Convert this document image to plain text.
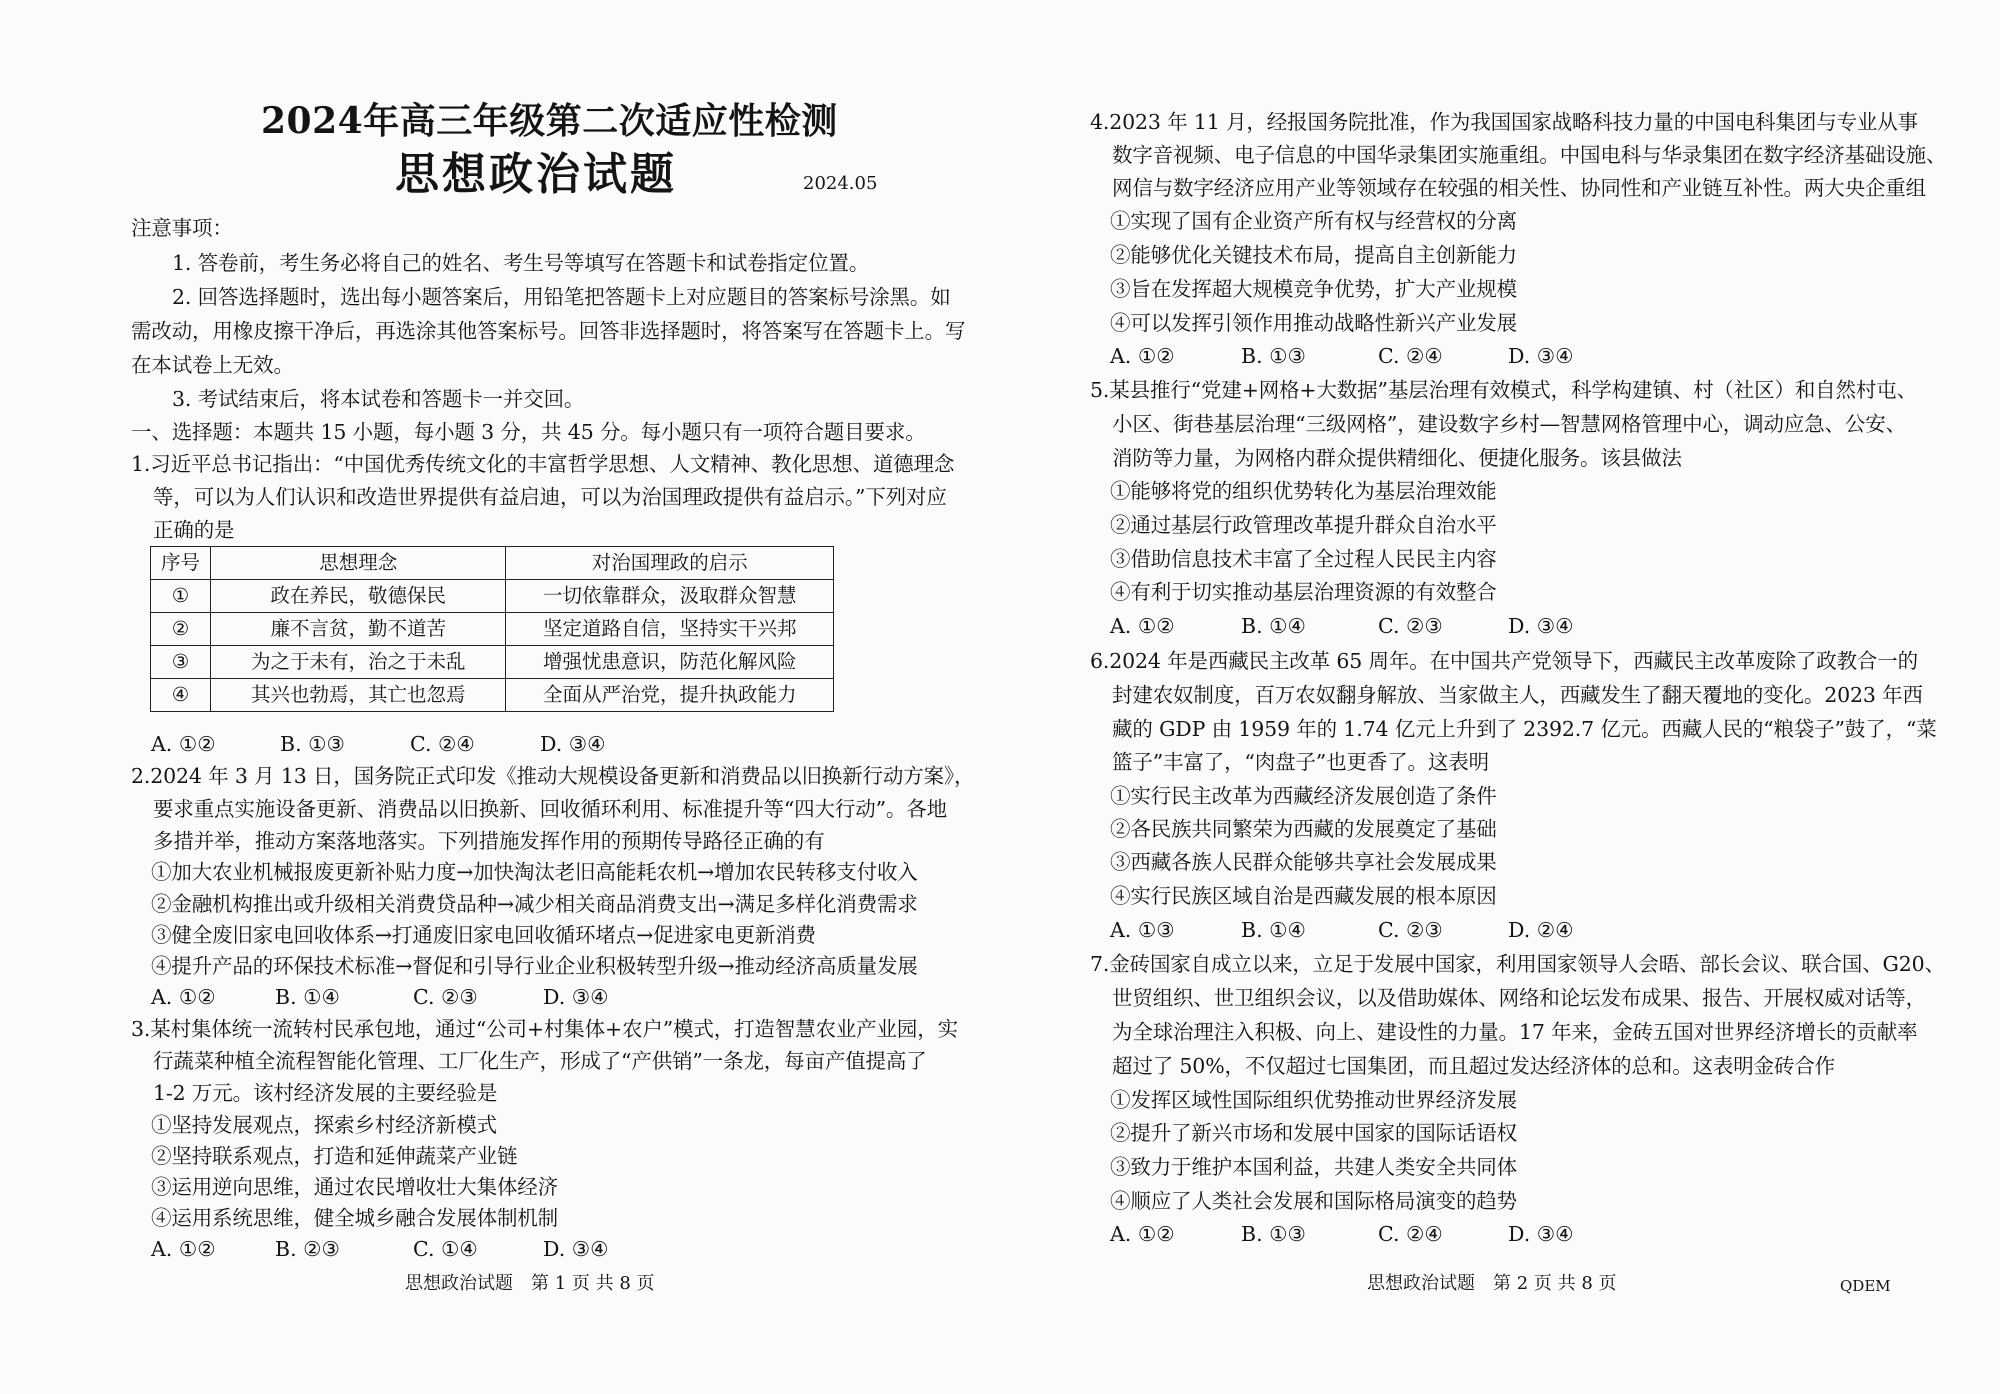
2024年高三年级第二次适应性检测
思想政治试题	2024.05
注意事项：
1. 答卷前，考生务必将自己的姓名、考生号等填写在答题卡和试卷指定位置。
2. 回答选择题时，选出每小题答案后，用铅笔把答题卡上对应题目的答案标号涂黑。如
需改动，用橡皮擦干净后，再选涂其他答案标号。回答非选择题时，将答案写在答题卡上。写
在本试卷上无效。
3. 考试结束后，将本试卷和答题卡一并交回。
一、选择题：本题共 15 小题，每小题 3 分，共 45 分。每小题只有一项符合题目要求。
1.习近平总书记指出：“中国优秀传统文化的丰富哲学思想、人文精神、教化思想、道德理念
等，可以为人们认识和改造世界提供有益启迪，可以为治国理政提供有益启示。”下列对应
正确的是
序号	思想理念	对治国理政的启示
①	政在养民，敬德保民	一切依靠群众，汲取群众智慧
②	廉不言贫，勤不道苦	坚定道路自信，坚持实干兴邦
③	为之于未有，治之于未乱	增强忧患意识，防范化解风险
④	其兴也勃焉，其亡也忽焉	全面从严治党，提升执政能力
A. ①②	B. ①③	C. ②④	D. ③④
2.2024 年 3 月 13 日，国务院正式印发《推动大规模设备更新和消费品以旧换新行动方案》，
要求重点实施设备更新、消费品以旧换新、回收循环利用、标准提升等“四大行动”。各地
多措并举，推动方案落地落实。下列措施发挥作用的预期传导路径正确的有
①加大农业机械报废更新补贴力度→加快淘汰老旧高能耗农机→增加农民转移支付收入
②金融机构推出或升级相关消费贷品种→减少相关商品消费支出→满足多样化消费需求
③健全废旧家电回收体系→打通废旧家电回收循环堵点→促进家电更新消费
④提升产品的环保技术标准→督促和引导行业企业积极转型升级→推动经济高质量发展
A. ①②	B. ①④	C. ②③	D. ③④
3.某村集体统一流转村民承包地，通过“公司+村集体+农户”模式，打造智慧农业产业园，实
行蔬菜种植全流程智能化管理、工厂化生产，形成了“产供销”一条龙，每亩产值提高了
1-2 万元。该村经济发展的主要经验是
①坚持发展观点，探索乡村经济新模式
②坚持联系观点，打造和延伸蔬菜产业链
③运用逆向思维，通过农民增收壮大集体经济
④运用系统思维，健全城乡融合发展体制机制
A. ①②	B. ②③	C. ①④	D. ③④
思想政治试题　第 1 页 共 8 页
4.2023 年 11 月，经报国务院批准，作为我国国家战略科技力量的中国电科集团与专业从事
数字音视频、电子信息的中国华录集团实施重组。中国电科与华录集团在数字经济基础设施、
网信与数字经济应用产业等领域存在较强的相关性、协同性和产业链互补性。两大央企重组
①实现了国有企业资产所有权与经营权的分离
②能够优化关键技术布局，提高自主创新能力
③旨在发挥超大规模竞争优势，扩大产业规模
④可以发挥引领作用推动战略性新兴产业发展
A. ①②	B. ①③	C. ②④	D. ③④
5.某县推行“党建+网格+大数据”基层治理有效模式，科学构建镇、村（社区）和自然村屯、
小区、街巷基层治理“三级网格”，建设数字乡村—智慧网格管理中心，调动应急、公安、
消防等力量，为网格内群众提供精细化、便捷化服务。该县做法
①能够将党的组织优势转化为基层治理效能
②通过基层行政管理改革提升群众自治水平
③借助信息技术丰富了全过程人民民主内容
④有利于切实推动基层治理资源的有效整合
A. ①②	B. ①④	C. ②③	D. ③④
6.2024 年是西藏民主改革 65 周年。在中国共产党领导下，西藏民主改革废除了政教合一的
封建农奴制度，百万农奴翻身解放、当家做主人，西藏发生了翻天覆地的变化。2023 年西
藏的 GDP 由 1959 年的 1.74 亿元上升到了 2392.7 亿元。西藏人民的“粮袋子”鼓了，“菜
篮子”丰富了，“肉盘子”也更香了。这表明
①实行民主改革为西藏经济发展创造了条件
②各民族共同繁荣为西藏的发展奠定了基础
③西藏各族人民群众能够共享社会发展成果
④实行民族区域自治是西藏发展的根本原因
A. ①③	B. ①④	C. ②③	D. ②④
7.金砖国家自成立以来，立足于发展中国家，利用国家领导人会晤、部长会议、联合国、G20、
世贸组织、世卫组织会议，以及借助媒体、网络和论坛发布成果、报告、开展权威对话等，
为全球治理注入积极、向上、建设性的力量。17 年来，金砖五国对世界经济增长的贡献率
超过了 50%，不仅超过七国集团，而且超过发达经济体的总和。这表明金砖合作
①发挥区域性国际组织优势推动世界经济发展
②提升了新兴市场和发展中国家的国际话语权
③致力于维护本国利益，共建人类安全共同体
④顺应了人类社会发展和国际格局演变的趋势
A. ①②	B. ①③	C. ②④	D. ③④
思想政治试题　第 2 页 共 8 页	QDEM
